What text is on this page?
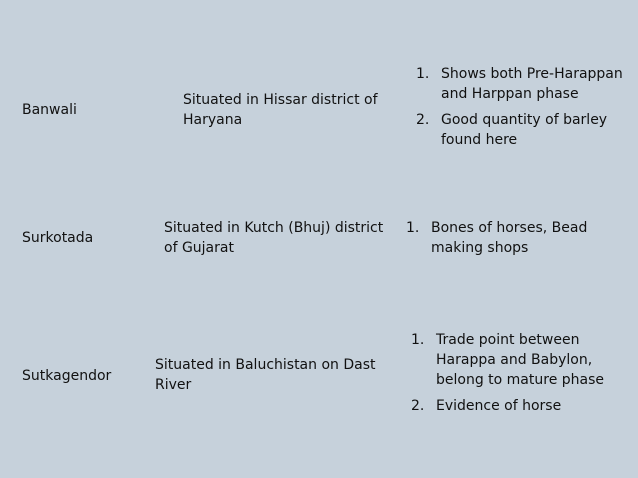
Banwali
Situated in Hissar district of Haryana
1. Shows both Pre-Harappan and Harppan phase
2. Good quantity of barley found here
Surkotada
Situated in Kutch (Bhuj) district of Gujarat
1. Bones of horses, Bead making shops
Sutkagendor
Situated in Baluchistan on Dast River
1. Trade point between Harappa and Babylon, belong to mature phase
2. Evidence of horse
